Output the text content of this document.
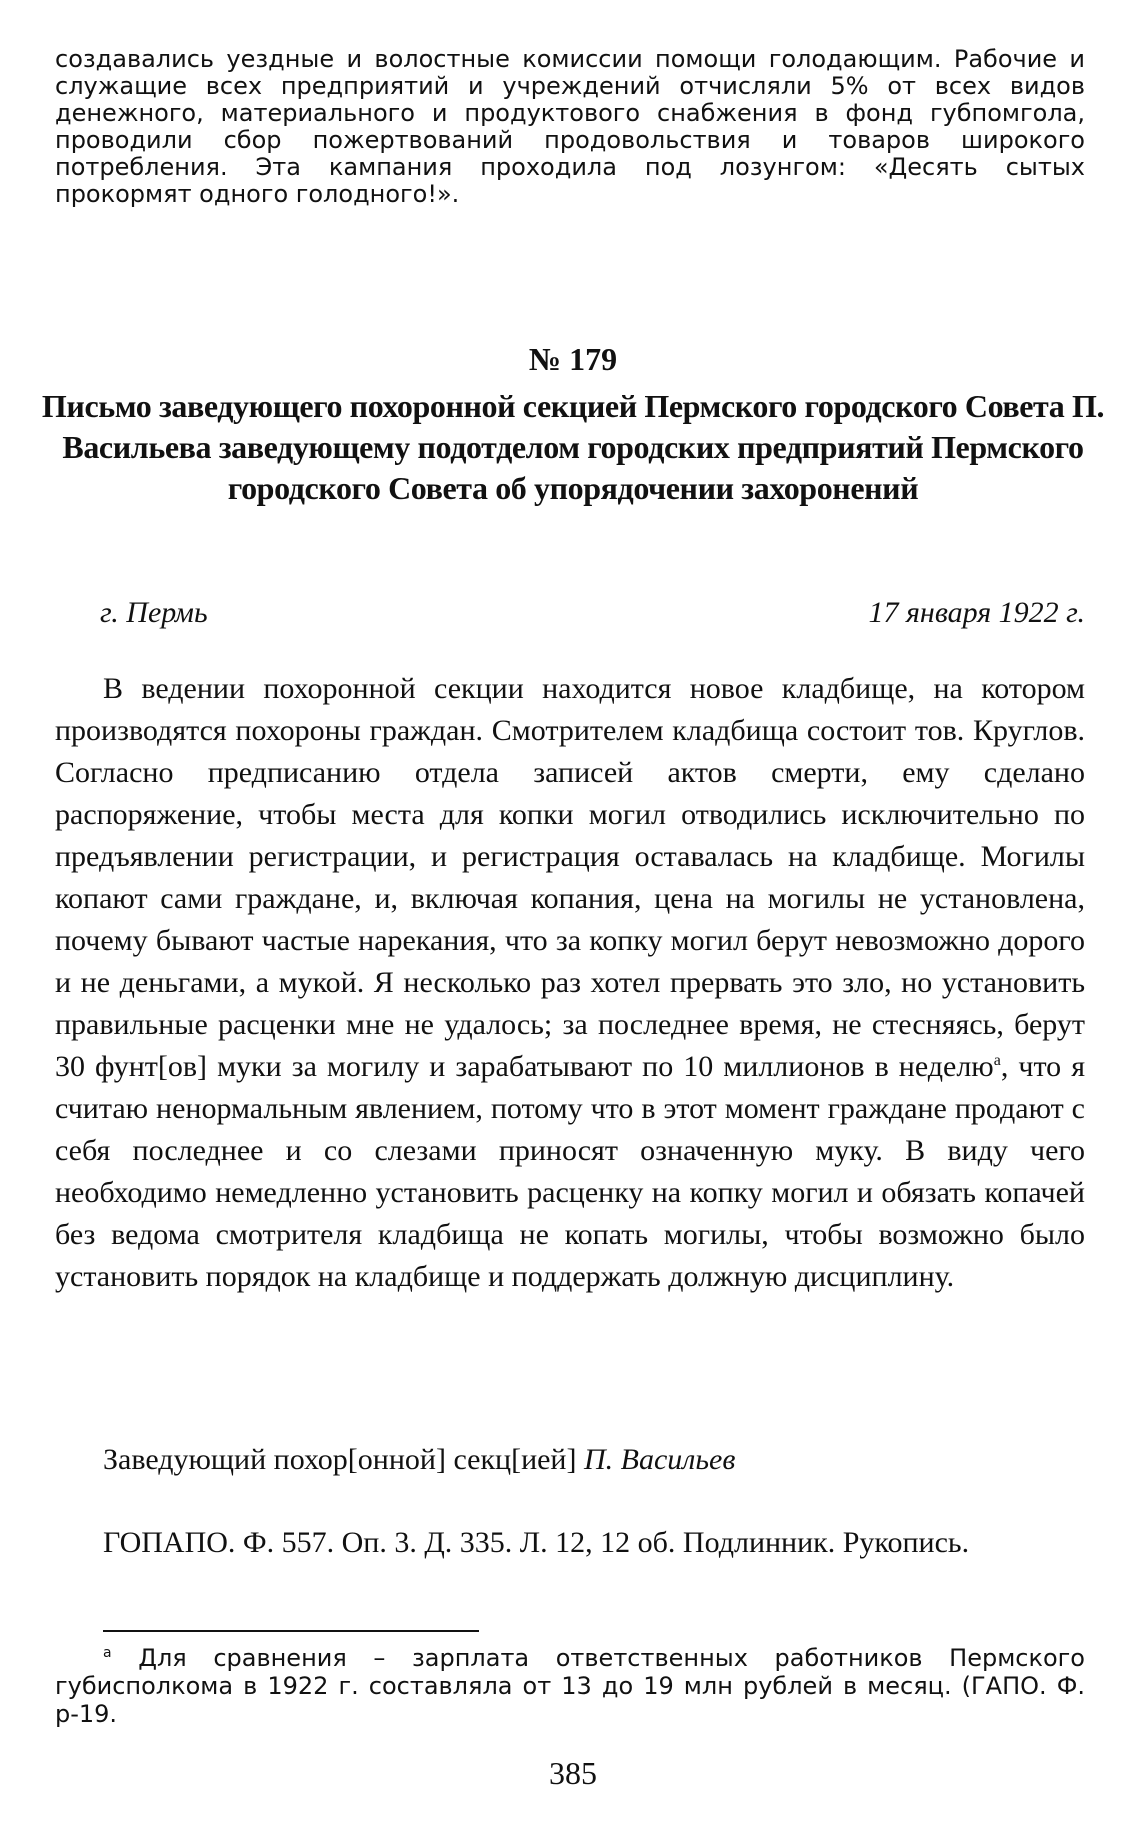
создавались уездные и волостные комиссии помощи голодающим. Рабочие и служащие всех предприятий и учреждений отчисляли 5% от всех видов денежного, материального и продуктового снабжения в фонд губпомгола, проводили сбор пожертвований продовольствия и товаров широкого потребления. Эта кампания проходила под лозунгом: «Десять сытых прокормят одного голодного!».

№ 179
Письмо заведующего похоронной секцией Пермского городского Совета П. Васильева заведующему подотделом городских предприятий Пермского городского Совета об упорядочении захоронений
г. Пермь	17 января 1922 г.

В ведении похоронной секции находится новое кладбище, на котором производятся похороны граждан. Смотрителем кладбища состоит тов. Круглов. Согласно предписанию отдела записей актов смерти, ему сделано распоряжение, чтобы места для копки могил отводились исключительно по предъявлении регистрации, и регистрация оставалась на кладбище. Могилы копают сами граждане, и, включая копания, цена на могилы не установлена, почему бывают частые нарекания, что за копку могил берут невозможно дорого и не деньгами, а мукой. Я несколько раз хотел прервать это зло, но установить правильные расценки мне не удалось; за последнее время, не стесняясь, берут 30 фунт[ов] муки за могилу и зарабатывают по 10 миллионов в неделю$^а$, что я считаю ненормальным явлением, потому что в этот момент граждане продают с себя последнее и со слезами приносят означенную муку. В виду чего необходимо немедленно установить расценку на копку могил и обязать копачей без ведома смотрителя кладбища не копать могилы, чтобы возможно было установить порядок на кладбище и поддержать должную дисциплину.

Заведующий похор[онной] секц[ией] П. Васильев

ГОПАПО. Ф. 557. Оп. 3. Д. 335. Л. 12, 12 об. Подлинник. Рукопись.

$^а$ Для сравнения – зарплата ответственных работников Пермского губисполкома в 1922 г. составляла от 13 до 19 млн рублей в месяц. (ГАПО. Ф. р-19.

385
